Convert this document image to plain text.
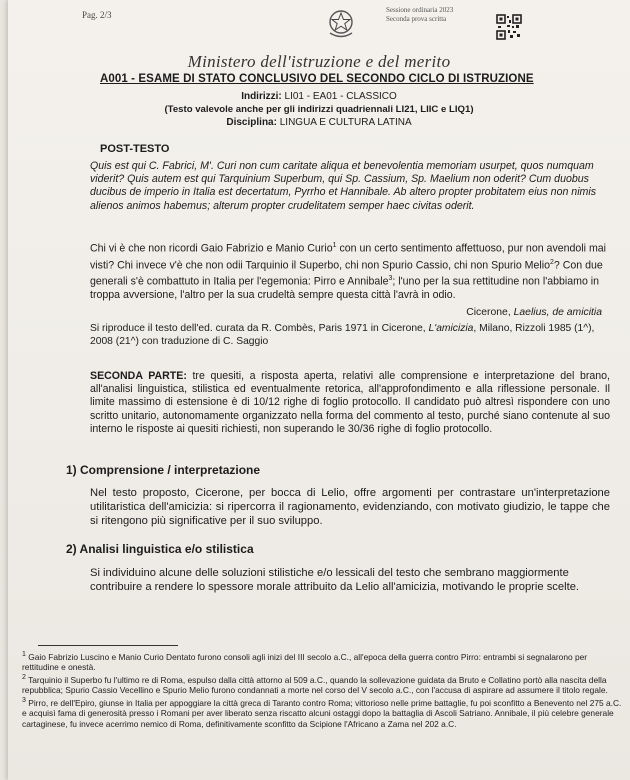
Pag. 2/3	Sessione ordinaria 2023
Seconda prova scritta
Ministero dell'istruzione e del merito
A001 - ESAME DI STATO CONCLUSIVO DEL SECONDO CICLO DI ISTRUZIONE
Indirizzi: LI01 - EA01 - CLASSICO
(Testo valevole anche per gli indirizzi quadriennali LI21, LIIC e LIQ1)
Disciplina: LINGUA E CULTURA LATINA
POST-TESTO
Quis est qui C. Fabrici, M'. Curi non cum caritate aliqua et benevolentia memoriam usurpet, quos numquam viderit? Quis autem est qui Tarquinium Superbum, qui Sp. Cassium, Sp. Maelium non oderit? Cum duobus ducibus de imperio in Italia est decertatum, Pyrrho et Hannibale. Ab altero propter probitatem eius non nimis alienos animos habemus; alterum propter crudelitatem semper haec civitas oderit.
Chi vi è che non ricordi Gaio Fabrizio e Manio Curio$^1$ con un certo sentimento affettuoso, pur non avendoli mai visti? Chi invece v'è che non odii Tarquinio il Superbo, chi non Spurio Cassio, chi non Spurio Melio$^2$? Con due generali s'è combattuto in Italia per l'egemonia: Pirro e Annibale$^3$; l'uno per la sua rettitudine non l'abbiamo in troppa avversione, l'altro per la sua crudeltà sempre questa città l'avrà in odio.
Cicerone, Laelius, de amicitia
Si riproduce il testo dell'ed. curata da R. Combès, Paris 1971 in Cicerone, L'amicizia, Milano, Rizzoli 1985 (1^), 2008 (21^) con traduzione di C. Saggio
SECONDA PARTE: tre quesiti, a risposta aperta, relativi alle comprensione e interpretazione del brano, all'analisi linguistica, stilistica ed eventualmente retorica, all'approfondimento e alla riflessione personale. Il limite massimo di estensione è di 10/12 righe di foglio protocollo. Il candidato può altresì rispondere con uno scritto unitario, autonomamente organizzato nella forma del commento al testo, purché siano contenute al suo interno le risposte ai quesiti richiesti, non superando le 30/36 righe di foglio protocollo.
1) Comprensione / interpretazione
Nel testo proposto, Cicerone, per bocca di Lelio, offre argomenti per contrastare un'interpretazione utilitaristica dell'amicizia: si ripercorra il ragionamento, evidenziando, con motivato giudizio, le tappe che si ritengono più significative per il suo sviluppo.
2) Analisi linguistica e/o stilistica
Si individuino alcune delle soluzioni stilistiche e/o lessicali del testo che sembrano maggiormente contribuire a rendere lo spessore morale attribuito da Lelio all'amicizia, motivando le proprie scelte.

$^1$ Gaio Fabrizio Luscino e Manio Curio Dentato furono consoli agli inizi del III secolo a.C., all'epoca della guerra contro Pirro: entrambi si segnalarono per rettitudine e onestà.

$^2$ Tarquinio il Superbo fu l'ultimo re di Roma, espulso dalla città attorno al 509 a.C., quando la sollevazione guidata da Bruto e Collatino portò alla nascita della repubblica; Spurio Cassio Vecellino e Spurio Melio furono condannati a morte nel corso del V secolo a.C., con l'accusa di aspirare ad assumere il titolo regale.

$^3$ Pirro, re dell'Epiro, giunse in Italia per appoggiare la città greca di Taranto contro Roma; vittorioso nelle prime battaglie, fu poi sconfitto a Benevento nel 275 a.C. e acquisì fama di generosità presso i Romani per aver liberato senza riscatto alcuni ostaggi dopo la battaglia di Ascoli Satriano. Annibale, il più celebre generale cartaginese, fu invece acerrimo nemico di Roma, definitivamente sconfitto da Scipione l'Africano a Zama nel 202 a.C.
